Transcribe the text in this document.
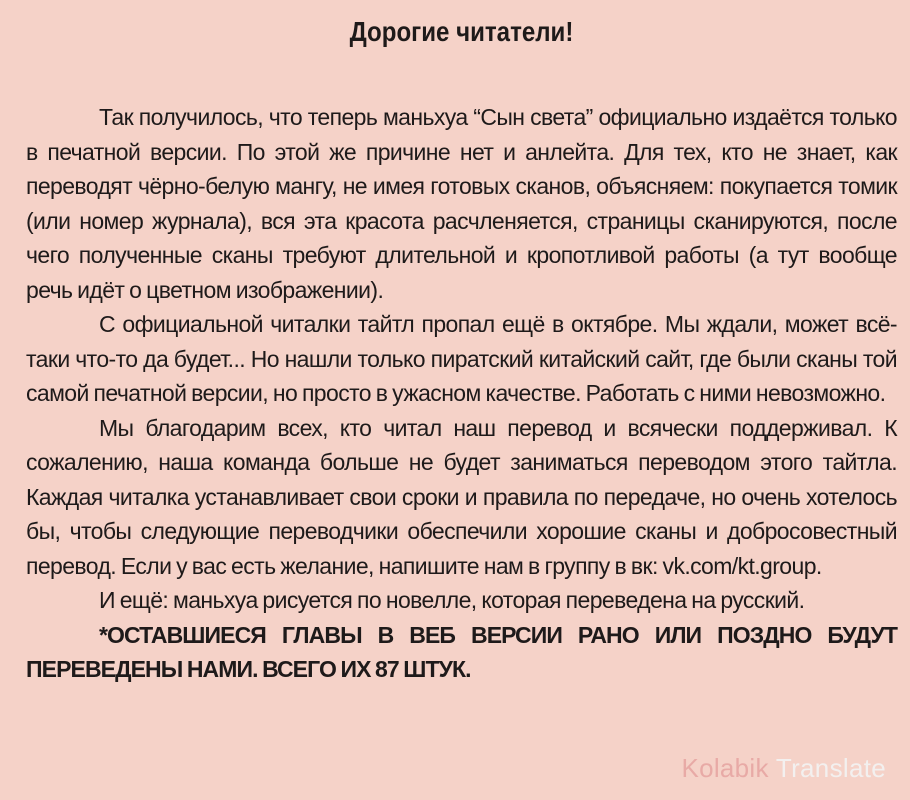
Дорогие читатели!

Так получилось, что теперь маньхуа “Сын света” официально издаётся только в печатной версии. По этой же причине нет и анлейта. Для тех, кто не знает, как переводят чёрно-белую мангу, не имея готовых сканов, объясняем: покупается томик (или номер журнала), вся эта красота расчленяется, страницы сканируются, после чего полученные сканы требуют длительной и кропотливой работы (а тут вообще речь идёт о цветном изображении).

С официальной читалки тайтл пропал ещё в октябре. Мы ждали, может всё-таки что-то да будет... Но нашли только пиратский китайский сайт, где были сканы той самой печатной версии, но просто в ужасном качестве. Работать с ними невозможно.

Мы благодарим всех, кто читал наш перевод и всячески поддерживал. К сожалению, наша команда больше не будет заниматься переводом этого тайтла. Каждая читалка устанавливает свои сроки и правила по передаче, но очень хотелось бы, чтобы следующие переводчики обеспечили хорошие сканы и добросовестный перевод. Если у вас есть желание, напишите нам в группу в вк: vk.com/kt.group.

И ещё: маньхуа рисуется по новелле, которая переведена на русский.

*ОСТАВШИЕСЯ ГЛАВЫ В ВЕБ ВЕРСИИ РАНО ИЛИ ПОЗДНО БУДУТ ПЕРЕВЕДЕНЫ НАМИ. ВСЕГО ИХ 87 ШТУК.

Kolabik Translate
